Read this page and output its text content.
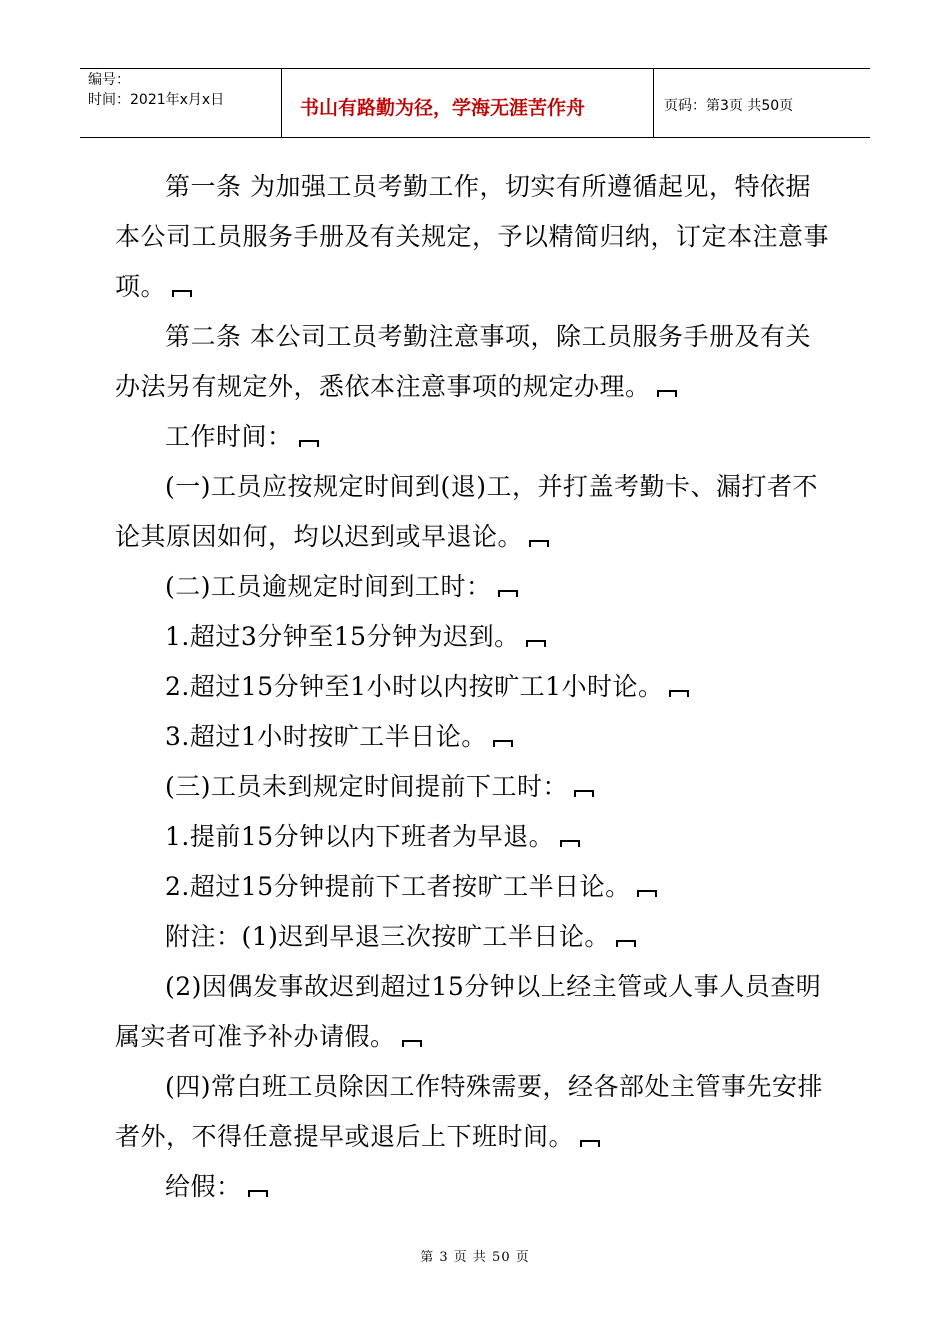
编号：
时间：2021年x月x日	书山有路勤为径，学海无涯苦作舟	页码：第3页 共50页
第一条 为加强工员考勤工作，切实有所遵循起见，特依据
本公司工员服务手册及有关规定，予以精简归纳，订定本注意事
项。
第二条 本公司工员考勤注意事项，除工员服务手册及有关
办法另有规定外，悉依本注意事项的规定办理。
工作时间：
(一)工员应按规定时间到(退)工，并打盖考勤卡、漏打者不
论其原因如何，均以迟到或早退论。
(二)工员逾规定时间到工时：
1.超过3分钟至15分钟为迟到。
2.超过15分钟至1小时以内按旷工1小时论。
3.超过1小时按旷工半日论。
(三)工员未到规定时间提前下工时：
1.提前15分钟以内下班者为早退。
2.超过15分钟提前下工者按旷工半日论。
附注：(1)迟到早退三次按旷工半日论。
(2)因偶发事故迟到超过15分钟以上经主管或人事人员查明
属实者可准予补办请假。
(四)常白班工员除因工作特殊需要，经各部处主管事先安排
者外，不得任意提早或退后上下班时间。
给假：
第 3 页 共 50 页
